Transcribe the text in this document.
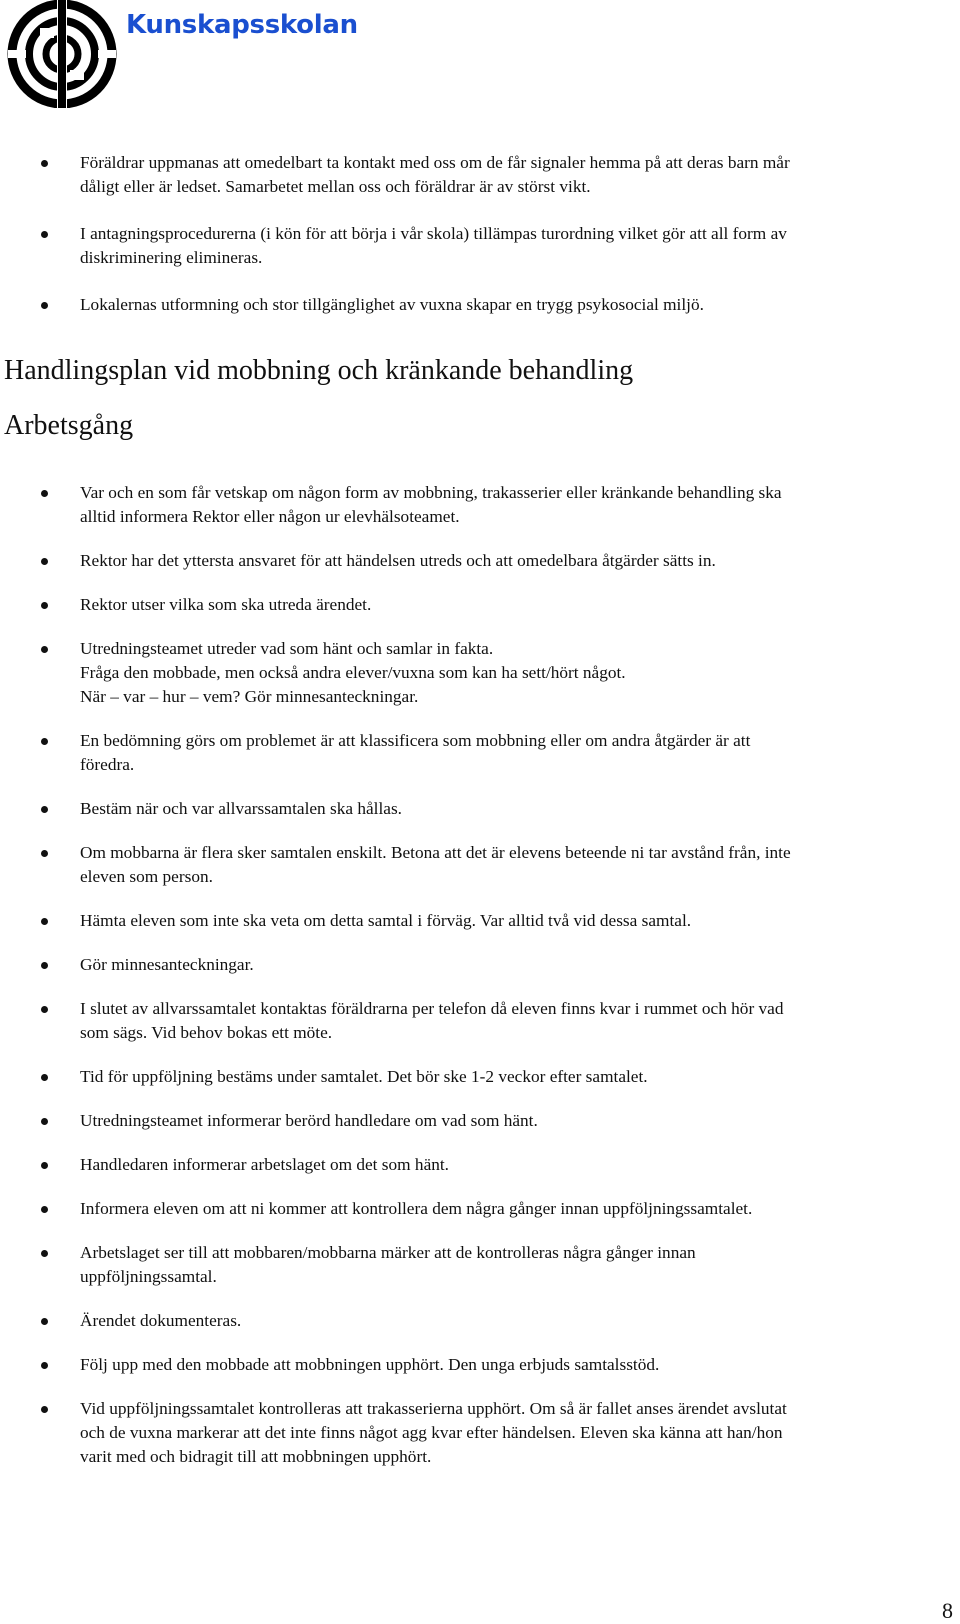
Kunskapsskolan
Föräldrar uppmanas att omedelbart ta kontakt med oss om de får signaler hemma på att deras barn mår
dåligt eller är ledset. Samarbetet mellan oss och föräldrar är av störst vikt.
I antagningsprocedurerna (i kön för att börja i vår skola) tillämpas turordning vilket gör att all form av
diskriminering elimineras.
Lokalernas utformning och stor tillgänglighet av vuxna skapar en trygg psykosocial miljö.
Handlingsplan vid mobbning och kränkande behandling
Arbetsgång
Var och en som får vetskap om någon form av mobbning, trakasserier eller kränkande behandling ska
alltid informera Rektor eller någon ur elevhälsoteamet.
Rektor har det yttersta ansvaret för att händelsen utreds och att omedelbara åtgärder sätts in.
Rektor utser vilka som ska utreda ärendet.
Utredningsteamet utreder vad som hänt och samlar in fakta.
Fråga den mobbade, men också andra elever/vuxna som kan ha sett/hört något.
När – var – hur – vem? Gör minnesanteckningar.
En bedömning görs om problemet är att klassificera som mobbning eller om andra åtgärder är att
föredra.
Bestäm när och var allvarssamtalen ska hållas.
Om mobbarna är flera sker samtalen enskilt. Betona att det är elevens beteende ni tar avstånd från, inte
eleven som person.
Hämta eleven som inte ska veta om detta samtal i förväg. Var alltid två vid dessa samtal.
Gör minnesanteckningar.
I slutet av allvarssamtalet kontaktas föräldrarna per telefon då eleven finns kvar i rummet och hör vad
som sägs. Vid behov bokas ett möte.
Tid för uppföljning bestäms under samtalet. Det bör ske 1-2 veckor efter samtalet.
Utredningsteamet informerar berörd handledare om vad som hänt.
Handledaren informerar arbetslaget om det som hänt.
Informera eleven om att ni kommer att kontrollera dem några gånger innan uppföljningssamtalet.
Arbetslaget ser till att mobbaren/mobbarna märker att de kontrolleras några gånger innan
uppföljningssamtal.
Ärendet dokumenteras.
Följ upp med den mobbade att mobbningen upphört. Den unga erbjuds samtalsstöd.
Vid uppföljningssamtalet kontrolleras att trakasserierna upphört. Om så är fallet anses ärendet avslutat
och de vuxna markerar att det inte finns något agg kvar efter händelsen. Eleven ska känna att han/hon
varit med och bidragit till att mobbningen upphört.
8
